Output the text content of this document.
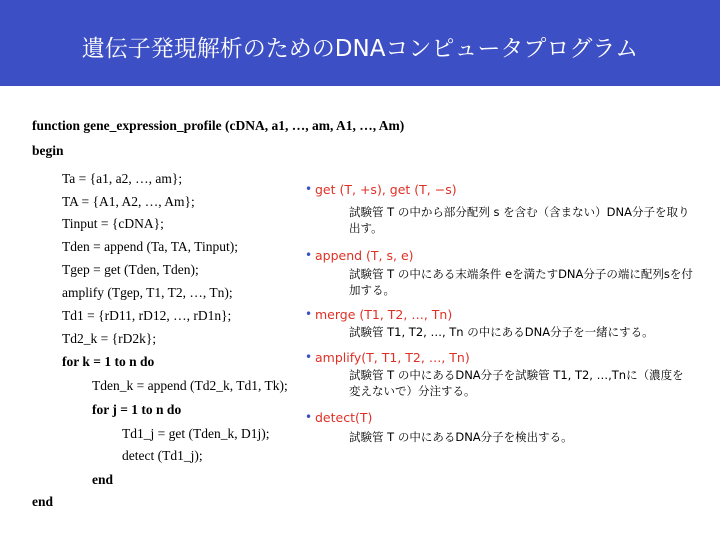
遺伝子発現解析のためのDNAコンピュータプログラム
function gene_expression_profile (cDNA, a1, …, am, A1, …, Am)
begin
Ta = {a1, a2, …, am};
TA = {A1, A2, …, Am};
Tinput = {cDNA};
Tden = append (Ta, TA, Tinput);
Tgep = get (Tden, Tden);
amplify (Tgep, T1, T2, …, Tn);
Td1 = {rD11, rD12, …, rD1n};
Td2_k = {rD2k};
for k = 1 to n do
Tden_k = append (Td2_k, Td1, Tk);
for j = 1 to n do
Td1_j = get (Tden_k, D1j);
detect (Td1_j);
end
end
• get (T, +s), get (T, −s)
試験管 T の中から部分配列 s を含む（含まない）DNA分子を取り出す。
• append (T, s, e)
試験管 T の中にある末端条件 eを満たすDNA分子の端に配列sを付加する。
• merge (T1, T2, …, Tn)
試験管 T1, T2, …, Tn の中にあるDNA分子を一緒にする。
• amplify(T, T1, T2, …, Tn)
試験管 T の中にあるDNA分子を試験管 T1, T2, …,Tnに（濃度を変えないで）分注する。
• detect(T)
試験管 T の中にあるDNA分子を検出する。
